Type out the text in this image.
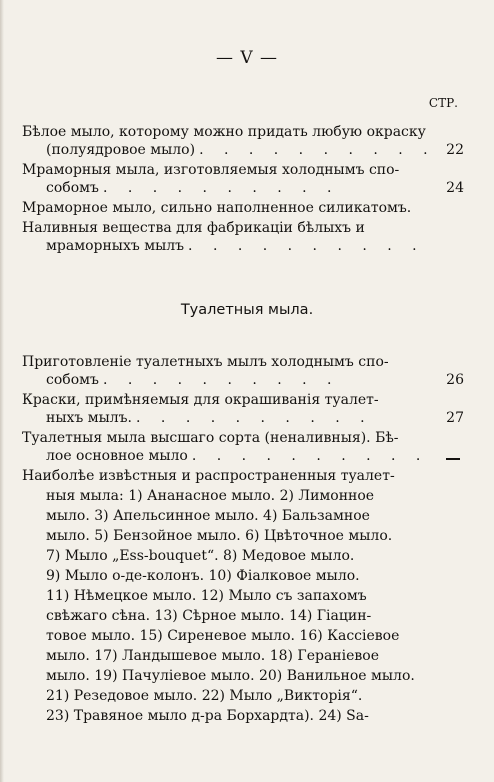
— V —
СТР.
Бѣлое мыло, которому можно придать любую окраску
(полуядровое мыло) . . . . . . . . . . 22
Мраморныя мыла, изготовляемыя холоднымъ спо-
собомъ . . . . . . . . . .	24
Мраморное мыло, сильно наполненное силикатомъ.
Наливныя вещества для фабрикаціи бѣлыхъ и
мраморныхъ мылъ . . . . . . . . . .
Туалетныя мыла.
Приготовленіе туалетныхъ мылъ холоднымъ спо-
собомъ . . . . . . . . . .	26
Краски, примѣняемыя для окрашиванія туалет-
ныхъ мылъ. . . . . . . . . . .	27
Туалетныя мыла высшаго сорта (неналивныя). Бѣ-
лое основное мыло . . . . . . . . . .
Наиболѣе извѣстныя и распространенныя туалет-
ныя мыла: 1) Ананасное мыло. 2) Лимонное
мыло. 3) Апельсинное мыло. 4) Бальзамное
мыло. 5) Бензойное мыло. 6) Цвѣточное мыло.
7) Мыло „Ess-bouquet“. 8) Медовое мыло.
9) Мыло о-де-колонъ. 10) Фіалковое мыло.
11) Нѣмецкое мыло. 12) Мыло съ запахомъ
свѣжаго сѣна. 13) Сѣрное мыло. 14) Гіацин-
товое мыло. 15) Сиреневое мыло. 16) Кассіевое
мыло. 17) Ландышевое мыло. 18) Гераніевое
мыло. 19) Пачулiевое мыло. 20) Ванильное мыло.
21) Резедовое мыло. 22) Мыло „Викторія“.
23) Травяное мыло д-ра Борхардта). 24) Sa-
